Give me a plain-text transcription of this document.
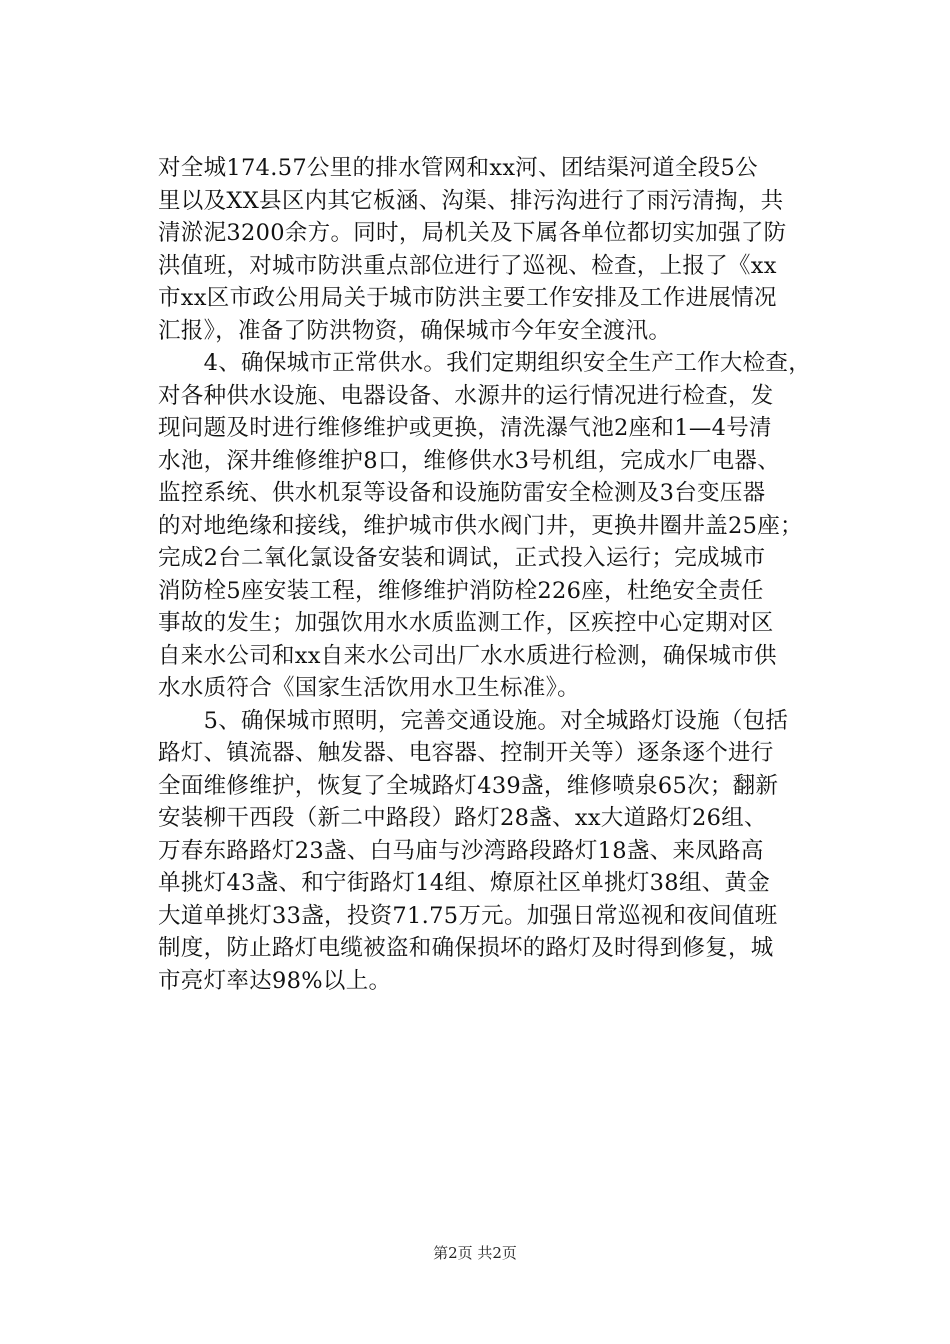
对全城174.57公里的排水管网和xx河、团结渠河道全段5公
里以及XX县区内其它板涵、沟渠、排污沟进行了雨污清掏，共
清淤泥3200余方。同时，局机关及下属各单位都切实加强了防
洪值班，对城市防洪重点部位进行了巡视、检查，上报了《xx
市xx区市政公用局关于城市防洪主要工作安排及工作进展情况
汇报》，准备了防洪物资，确保城市今年安全渡汛。
　　4、确保城市正常供水。我们定期组织安全生产工作大检查，
对各种供水设施、电器设备、水源井的运行情况进行检查，发
现问题及时进行维修维护或更换，清洗瀑气池2座和1—4号清
水池，深井维修维护8口，维修供水3号机组，完成水厂电器、
监控系统、供水机泵等设备和设施防雷安全检测及3台变压器
的对地绝缘和接线，维护城市供水阀门井，更换井圈井盖25座；
完成2台二氧化氯设备安装和调试，正式投入运行；完成城市
消防栓5座安装工程，维修维护消防栓226座，杜绝安全责任
事故的发生；加强饮用水水质监测工作，区疾控中心定期对区
自来水公司和xx自来水公司出厂水水质进行检测，确保城市供
水水质符合《国家生活饮用水卫生标准》。
　　5、确保城市照明，完善交通设施。对全城路灯设施（包括
路灯、镇流器、触发器、电容器、控制开关等）逐条逐个进行
全面维修维护，恢复了全城路灯439盏，维修喷泉65次；翻新
安装柳干西段（新二中路段）路灯28盏、xx大道路灯26组、
万春东路路灯23盏、白马庙与沙湾路段路灯18盏、来凤路高
单挑灯43盏、和宁街路灯14组、燎原社区单挑灯38组、黄金
大道单挑灯33盏，投资71.75万元。加强日常巡视和夜间值班
制度，防止路灯电缆被盗和确保损坏的路灯及时得到修复，城
市亮灯率达98%以上。
第2页 共2页
